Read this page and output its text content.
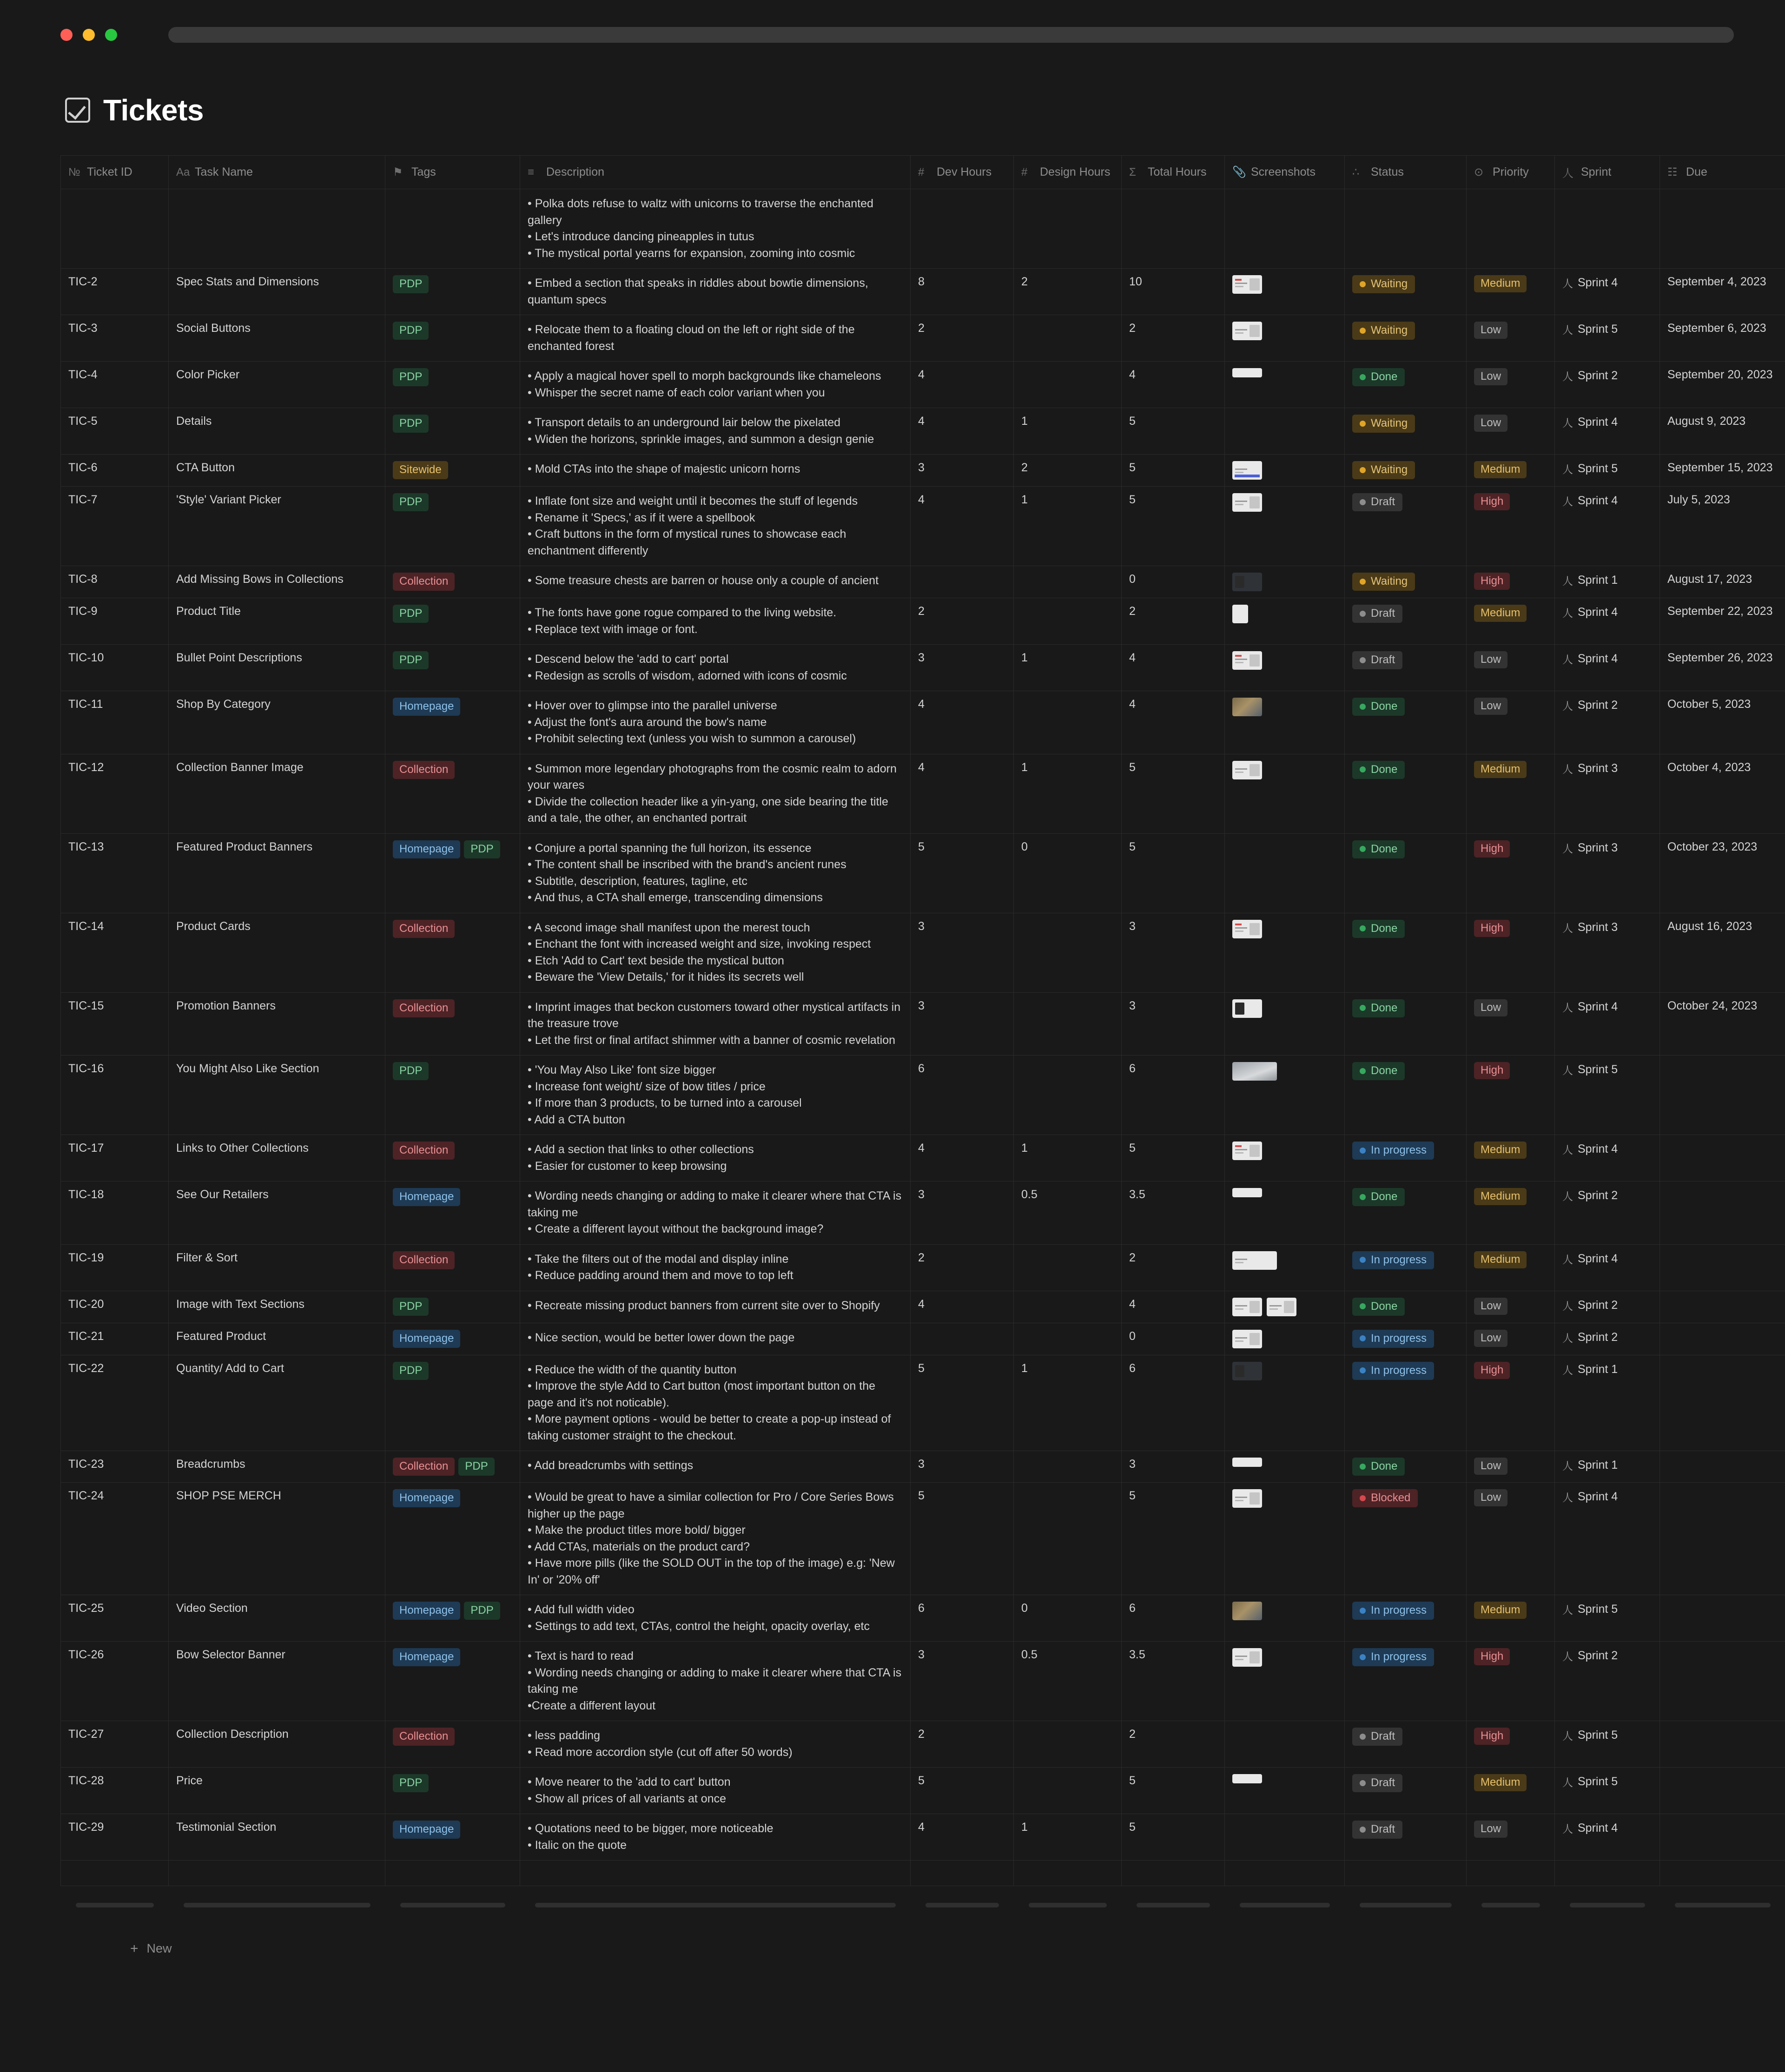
Tickets
№ Ticket ID	Aa Task Name	⚑ Tags	≡ Description	# Dev Hours	# Design Hours	Σ Total Hours	📎 Screenshots	∴ Status	⊙ Priority	人 Sprint	☷ Due

			• Polka dots refuse to waltz with unicorns to traverse the enchanted gallery
• Let's introduce dancing pineapples in tutus
• The mystical portal yearns for expansion, zooming into cosmic								

TIC-2	Spec Stats and Dimensions	PDP	• Embed a section that speaks in riddles about bowtie dimensions, quantum specs	8	2	10		Waiting	Medium	人 Sprint 4	September 4, 2023
TIC-3	Social Buttons	PDP	• Relocate them to a floating cloud on the left or right side of the enchanted forest	2		2		Waiting	Low	人 Sprint 5	September 6, 2023
TIC-4	Color Picker	PDP	• Apply a magical hover spell to morph backgrounds like chameleons
• Whisper the secret name of each color variant when you	4		4		Done	Low	人 Sprint 2	September 20, 2023
TIC-5	Details	PDP	• Transport details to an underground lair below the pixelated
• Widen the horizons, sprinkle images, and summon a design genie	4	1	5		Waiting	Low	人 Sprint 4	August 9, 2023
TIC-6	CTA Button	Sitewide	• Mold CTAs into the shape of majestic unicorn horns	3	2	5		Waiting	Medium	人 Sprint 5	September 15, 2023
TIC-7	'Style' Variant Picker	PDP	• Inflate font size and weight until it becomes the stuff of legends
• Rename it 'Specs,' as if it were a spellbook
• Craft buttons in the form of mystical runes to showcase each enchantment differently	4	1	5		Draft	High	人 Sprint 4	July 5, 2023
TIC-8	Add Missing Bows in Collections	Collection	• Some treasure chests are barren or house only a couple of ancient			0		Waiting	High	人 Sprint 1	August 17, 2023
TIC-9	Product Title	PDP	• The fonts have gone rogue compared to the living website.
• Replace text with image or font.	2		2		Draft	Medium	人 Sprint 4	September 22, 2023
TIC-10	Bullet Point Descriptions	PDP	• Descend below the 'add to cart' portal
• Redesign as scrolls of wisdom, adorned with icons of cosmic	3	1	4		Draft	Low	人 Sprint 4	September 26, 2023
TIC-11	Shop By Category	Homepage	• Hover over to glimpse into the parallel universe
• Adjust the font's aura around the bow's name
• Prohibit selecting text (unless you wish to summon a carousel)	4		4		Done	Low	人 Sprint 2	October 5, 2023
TIC-12	Collection Banner Image	Collection	• Summon more legendary photographs from the cosmic realm to adorn your wares
• Divide the collection header like a yin-yang, one side bearing the title and a tale, the other, an enchanted portrait	4	1	5		Done	Medium	人 Sprint 3	October 4, 2023
TIC-13	Featured Product Banners	Homepage PDP	• Conjure a portal spanning the full horizon, its essence
• The content shall be inscribed with the brand's ancient runes
• Subtitle, description, features, tagline, etc
• And thus, a CTA shall emerge, transcending dimensions	5	0	5		Done	High	人 Sprint 3	October 23, 2023
TIC-14	Product Cards	Collection	• A second image shall manifest upon the merest touch
• Enchant the font with increased weight and size, invoking respect
• Etch 'Add to Cart' text beside the mystical button
• Beware the 'View Details,' for it hides its secrets well	3		3		Done	High	人 Sprint 3	August 16, 2023
TIC-15	Promotion Banners	Collection	• Imprint images that beckon customers toward other mystical artifacts in the treasure trove
• Let the first or final artifact shimmer with a banner of cosmic revelation	3		3		Done	Low	人 Sprint 4	October 24, 2023
TIC-16	You Might Also Like Section	PDP	• 'You May Also Like' font size bigger
• Increase font weight/ size of bow titles / price
• If more than 3 products, to be turned into a carousel
• Add a CTA button	6		6		Done	High	人 Sprint 5	

TIC-17	Links to Other Collections	Collection	• Add a section that links to other collections
• Easier for customer to keep browsing	4	1	5		In progress	Medium	人 Sprint 4	

TIC-18	See Our Retailers	Homepage	• Wording needs changing or adding to make it clearer where that CTA is taking me
• Create a different layout without the background image?	3	0.5	3.5		Done	Medium	人 Sprint 2	

TIC-19	Filter & Sort	Collection	• Take the filters out of the modal and display inline
• Reduce padding around them and move to top left	2		2		In progress	Medium	人 Sprint 4	

TIC-20	Image with Text Sections	PDP	• Recreate missing product banners from current site over to Shopify	4		4		Done	Low	人 Sprint 2	

TIC-21	Featured Product	Homepage	• Nice section, would be better lower down the page			0		In progress	Low	人 Sprint 2	

TIC-22	Quantity/ Add to Cart	PDP	• Reduce the width of the quantity button
• Improve the style Add to Cart button (most important button on the page and it's not noticable).
• More payment options - would be better to create a pop-up instead of taking customer straight to the checkout.	5	1	6		In progress	High	人 Sprint 1	

TIC-23	Breadcrumbs	Collection PDP	• Add breadcrumbs with settings	3		3		Done	Low	人 Sprint 1	

TIC-24	SHOP PSE MERCH	Homepage	• Would be great to have a similar collection for Pro / Core Series Bows higher up the page
• Make the product titles more bold/ bigger
• Add CTAs, materials on the product card?
• Have more pills (like the SOLD OUT in the top of the image) e.g: 'New In' or '20% off'	5		5		Blocked	Low	人 Sprint 4	

TIC-25	Video Section	Homepage PDP	• Add full width video
• Settings to add text, CTAs, control the height, opacity overlay, etc	6	0	6		In progress	Medium	人 Sprint 5	

TIC-26	Bow Selector Banner	Homepage	• Text is hard to read
• Wording needs changing or adding to make it clearer where that CTA is taking me
•Create a different layout	3	0.5	3.5		In progress	High	人 Sprint 2	

TIC-27	Collection Description	Collection	• less padding
• Read more accordion style (cut off after 50 words)	2		2		Draft	High	人 Sprint 5	

TIC-28	Price	PDP	• Move nearer to the 'add to cart' button
• Show all prices of all variants at once	5		5		Draft	Medium	人 Sprint 5	

TIC-29	Testimonial Section	Homepage	• Quotations need to be bigger, more noticeable
• Italic on the quote	4	1	5		Draft	Low	人 Sprint 4	

+ New
